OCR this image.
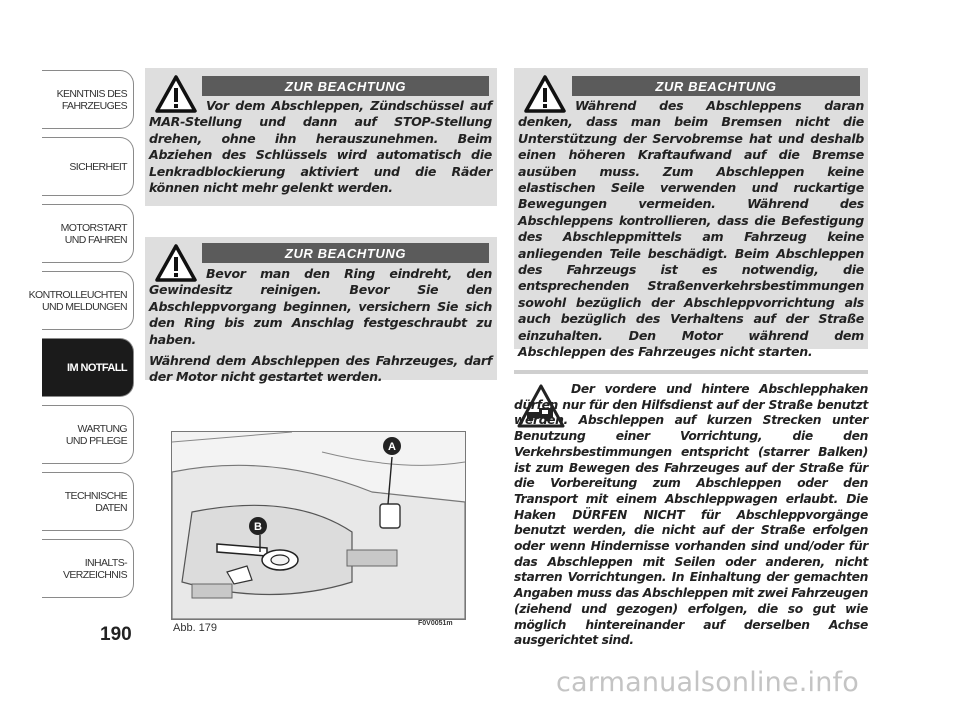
KENNTNIS DES
FAHRZEUGES
SICHERHEIT
MOTORSTART
UND FAHREN
KONTROLLEUCHTEN
UND MELDUNGEN
IM NOTFALL
WARTUNG
UND PFLEGE
TECHNISCHE DATEN
INHALTS-
VERZEICHNIS
190
ZUR BEACHTUNG

Vor dem Abschleppen, Zündschüssel auf MAR-Stellung und dann auf STOP-Stellung drehen, ohne ihn herauszunehmen. Beim Abziehen des Schlüssels wird automatisch die Lenkradblockierung aktiviert und die Räder können nicht mehr gelenkt werden.

ZUR BEACHTUNG

Bevor man den Ring eindreht, den Gewindesitz reinigen. Bevor Sie den Abschleppvorgang beginnen, versichern Sie sich den Ring bis zum Anschlag festgeschraubt zu haben.

Während dem Abschleppen des Fahrzeuges, darf der Motor nicht gestartet werden.

ZUR BEACHTUNG

Während des Abschleppens daran denken, dass man beim Bremsen nicht die Unterstützung der Servobremse hat und deshalb einen höheren Kraftaufwand auf die Bremse ausüben muss. Zum Abschleppen keine elastischen Seile verwenden und ruckartige Bewegungen vermeiden. Während des Abschleppens kontrollieren, dass die Befestigung des Abschleppmittels am Fahrzeug keine anliegenden Teile beschädigt. Beim Abschleppen des Fahrzeugs ist es notwendig, die entsprechenden Straßenverkehrsbestimmungen sowohl bezüglich der Abschleppvorrichtung als auch bezüglich des Verhaltens auf der Straße einzuhalten. Den Motor während dem Abschleppen des Fahrzeuges nicht starten.

Der vordere und hintere Abschlepphaken dürfen nur für den Hilfsdienst auf der Straße benutzt werden. Abschleppen auf kurzen Strecken unter Benutzung einer Vorrichtung, die den Verkehrsbestimmungen entspricht (starrer Balken) ist zum Bewegen des Fahrzeuges auf der Straße für die Vorbereitung zum Abschleppen oder den Transport mit einem Abschleppwagen erlaubt. Die Haken DÜRFEN NICHT für Abschleppvorgänge benutzt werden, die nicht auf der Straße erfolgen oder wenn Hindernisse vorhanden sind und/oder für das Abschleppen mit Seilen oder anderen, nicht starren Vorrichtungen. In Einhaltung der gemachten Angaben muss das Abschleppen mit zwei Fahrzeugen (ziehend und gezogen) erfolgen, die so gut wie möglich hintereinander auf derselben Achse ausgerichtet sind.
A
B
Abb. 179	F0V0051m
carmanualsonline.info
